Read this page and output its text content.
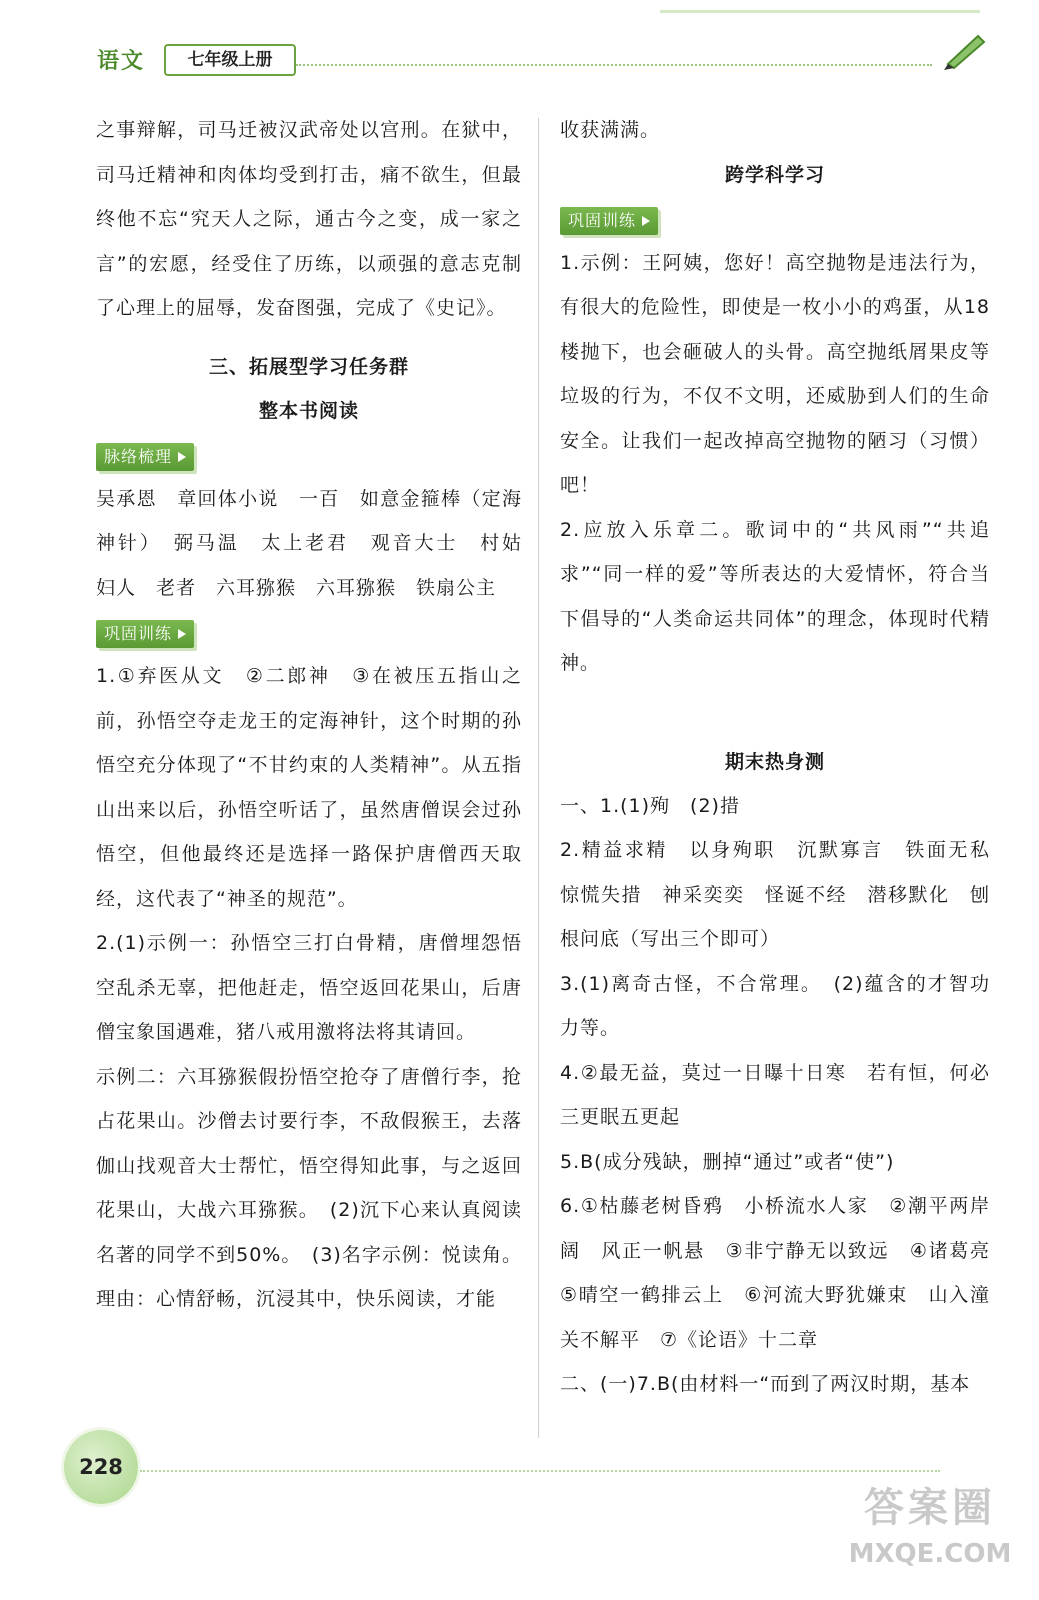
语文	七年级上册

之事辩解，司马迁被汉武帝处以宫刑。在狱中，司马迁精神和肉体均受到打击，痛不欲生，但最终他不忘“究天人之际，通古今之变，成一家之言”的宏愿，经受住了历练，以顽强的意志克制了心理上的屈辱，发奋图强，完成了《史记》。

三、拓展型学习任务群

整本书阅读

脉络梳理

吴承恩　章回体小说　一百　如意金箍棒（定海神针）　弼马温　太上老君　观音大士　村姑　妇人　老者　六耳猕猴　六耳猕猴　铁扇公主

巩固训练

1.①弃医从文　②二郎神　③在被压五指山之前，孙悟空夺走龙王的定海神针，这个时期的孙悟空充分体现了“不甘约束的人类精神”。从五指山出来以后，孙悟空听话了，虽然唐僧误会过孙悟空，但他最终还是选择一路保护唐僧西天取经，这代表了“神圣的规范”。

2.(1)示例一：孙悟空三打白骨精，唐僧埋怨悟空乱杀无辜，把他赶走，悟空返回花果山，后唐僧宝象国遇难，猪八戒用激将法将其请回。

示例二：六耳猕猴假扮悟空抢夺了唐僧行李，抢占花果山。沙僧去讨要行李，不敌假猴王，去落伽山找观音大士帮忙，悟空得知此事，与之返回花果山，大战六耳猕猴。　(2)沉下心来认真阅读名著的同学不到50%。　(3)名字示例：悦读角。理由：心情舒畅，沉浸其中，快乐阅读，才能

收获满满。

跨学科学习

巩固训练

1.示例：王阿姨，您好！高空抛物是违法行为，有很大的危险性，即使是一枚小小的鸡蛋，从18楼抛下，也会砸破人的头骨。高空抛纸屑果皮等垃圾的行为，不仅不文明，还威胁到人们的生命安全。让我们一起改掉高空抛物的陋习（习惯）吧！

2.应放入乐章二。歌词中的“共风雨”“共追求”“同一样的爱”等所表达的大爱情怀，符合当下倡导的“人类命运共同体”的理念，体现时代精神。

期末热身测

一、1.(1)殉　(2)措

2.精益求精　以身殉职　沉默寡言　铁面无私　惊慌失措　神采奕奕　怪诞不经　潜移默化　刨根问底（写出三个即可）

3.(1)离奇古怪，不合常理。　(2)蕴含的才智功力等。

4.②最无益，莫过一日曝十日寒　若有恒，何必三更眠五更起

5.B(成分残缺，删掉“通过”或者“使”)

6.①枯藤老树昏鸦　小桥流水人家　②潮平两岸阔　风正一帆悬　③非宁静无以致远　④诸葛亮　⑤晴空一鹤排云上　⑥河流大野犹嫌束　山入潼关不解平　⑦《论语》十二章

二、(一)7.B(由材料一“而到了两汉时期，基本

228
答案圈
MXQE.COM
